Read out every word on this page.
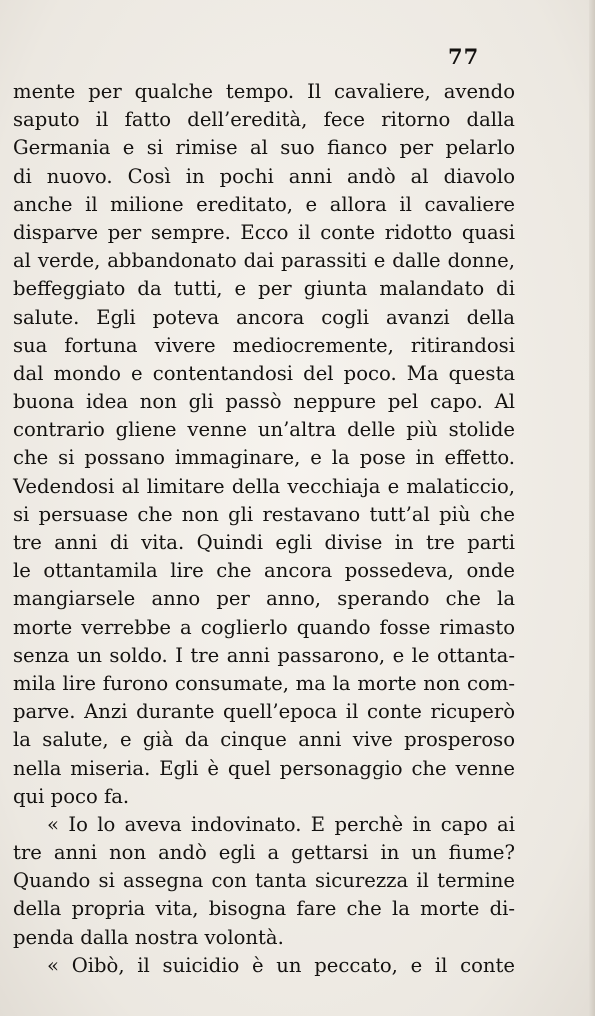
77
mente per qualche tempo. Il cavaliere, avendo
saputo il fatto dell’eredità, fece ritorno dalla
Germania e si rimise al suo fianco per pelarlo
di nuovo. Così in pochi anni andò al diavolo
anche il milione ereditato, e allora il cavaliere
disparve per sempre. Ecco il conte ridotto quasi
al verde, abbandonato dai parassiti e dalle donne,
beffeggiato da tutti, e per giunta malandato di
salute. Egli poteva ancora cogli avanzi della
sua fortuna vivere mediocremente, ritirandosi
dal mondo e contentandosi del poco. Ma questa
buona idea non gli passò neppure pel capo. Al
contrario gliene venne un’altra delle più stolide
che si possano immaginare, e la pose in effetto.
Vedendosi al limitare della vecchiaja e malaticcio,
si persuase che non gli restavano tutt’al più che
tre anni di vita. Quindi egli divise in tre parti
le ottantamila lire che ancora possedeva, onde
mangiarsele anno per anno, sperando che la
morte verrebbe a coglierlo quando fosse rimasto
senza un soldo. I tre anni passarono, e le ottanta-
mila lire furono consumate, ma la morte non com-
parve. Anzi durante quell’epoca il conte ricuperò
la salute, e già da cinque anni vive prosperoso
nella miseria. Egli è quel personaggio che venne
qui poco fa.
« Io lo aveva indovinato. E perchè in capo ai
tre anni non andò egli a gettarsi in un fiume?
Quando si assegna con tanta sicurezza il termine
della propria vita, bisogna fare che la morte di-
penda dalla nostra volontà.
« Oibò, il suicidio è un peccato, e il conte
